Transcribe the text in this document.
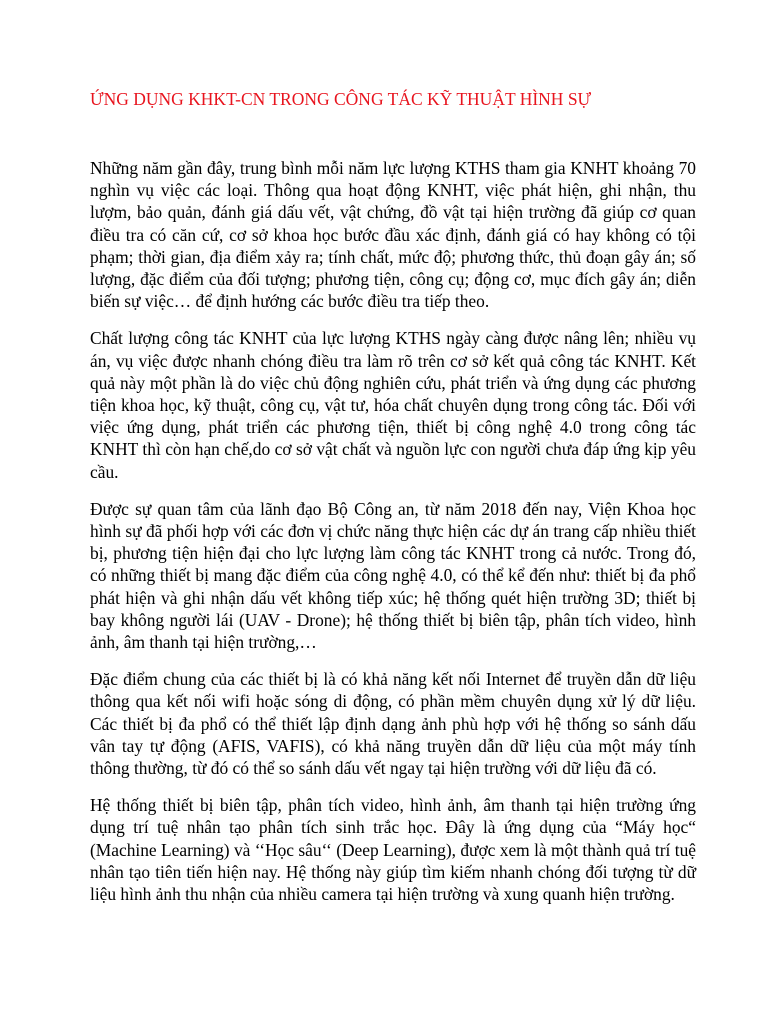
ỨNG DỤNG KHKT-CN TRONG CÔNG TÁC KỸ THUẬT HÌNH SỰ

Những năm gần đây, trung bình mỗi năm lực lượng KTHS tham gia KNHT khoảng 70 nghìn vụ việc các loại. Thông qua hoạt động KNHT, việc phát hiện, ghi nhận, thu lượm, bảo quản, đánh giá dấu vết, vật chứng, đồ vật tại hiện trường đã giúp cơ quan điều tra có căn cứ, cơ sở khoa học bước đầu xác định, đánh giá có hay không có tội phạm; thời gian, địa điểm xảy ra; tính chất, mức độ; phương thức, thủ đoạn gây án; số lượng, đặc điểm của đối tượng; phương tiện, công cụ; động cơ, mục đích gây án; diễn biến sự việc… để định hướng các bước điều tra tiếp theo.

Chất lượng công tác KNHT của lực lượng KTHS ngày càng được nâng lên; nhiều vụ án, vụ việc được nhanh chóng điều tra làm rõ trên cơ sở kết quả công tác KNHT. Kết quả này một phần là do việc chủ động nghiên cứu, phát triển và ứng dụng các phương tiện khoa học, kỹ thuật, công cụ, vật tư, hóa chất chuyên dụng trong công tác. Đối với việc ứng dụng, phát triển các phương tiện, thiết bị công nghệ 4.0 trong công tác KNHT thì còn hạn chế,do cơ sở vật chất và nguồn lực con người chưa đáp ứng kịp yêu cầu.

Được sự quan tâm của lãnh đạo Bộ Công an, từ năm 2018 đến nay, Viện Khoa học hình sự đã phối hợp với các đơn vị chức năng thực hiện các dự án trang cấp nhiều thiết bị, phương tiện hiện đại cho lực lượng làm công tác KNHT trong cả nước. Trong đó, có những thiết bị mang đặc điểm của công nghệ 4.0, có thể kể đến như: thiết bị đa phổ phát hiện và ghi nhận dấu vết không tiếp xúc; hệ thống quét hiện trường 3D; thiết bị bay không người lái (UAV - Drone); hệ thống thiết bị biên tập, phân tích video, hình ảnh, âm thanh tại hiện trường,…

Đặc điểm chung của các thiết bị là có khả năng kết nối Internet để truyền dẫn dữ liệu thông qua kết nối wifi hoặc sóng di động, có phần mềm chuyên dụng xử lý dữ liệu. Các thiết bị đa phổ có thể thiết lập định dạng ảnh phù hợp với hệ thống so sánh dấu vân tay tự động (AFIS, VAFIS), có khả năng truyền dẫn dữ liệu của một máy tính thông thường, từ đó có thể so sánh dấu vết ngay tại hiện trường với dữ liệu đã có.

Hệ thống thiết bị biên tập, phân tích video, hình ảnh, âm thanh tại hiện trường ứng dụng trí tuệ nhân tạo phân tích sinh trắc học. Đây là ứng dụng của “Máy học“ (Machine Learning) và ‘‘Học sâu‘‘ (Deep Learning), được xem là một thành quả trí tuệ nhân tạo tiên tiến hiện nay. Hệ thống này giúp tìm kiếm nhanh chóng đối tượng từ dữ liệu hình ảnh thu nhận của nhiều camera tại hiện trường và xung quanh hiện trường.
